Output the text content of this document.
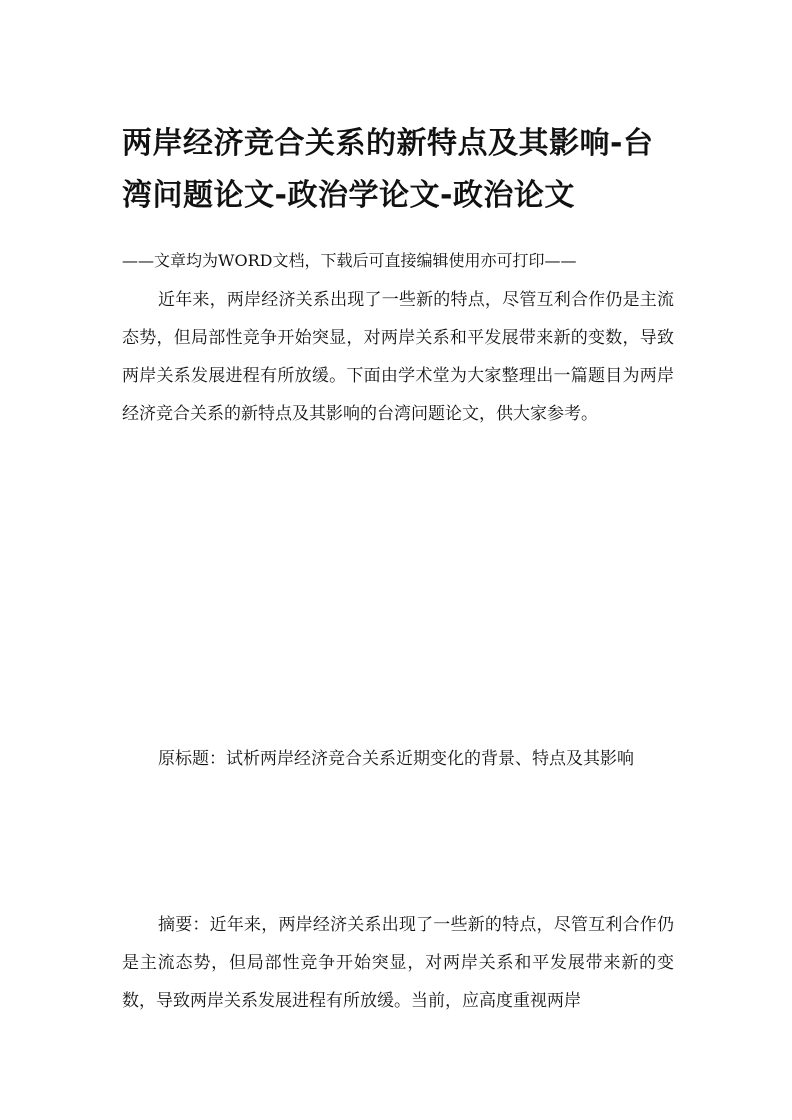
两岸经济竞合关系的新特点及其影响-台湾问题论文-政治学论文-政治论文

——文章均为WORD文档，下载后可直接编辑使用亦可打印——

近年来，两岸经济关系出现了一些新的特点，尽管互利合作仍是主流态势，但局部性竞争开始突显，对两岸关系和平发展带来新的变数，导致两岸关系发展进程有所放缓。下面由学术堂为大家整理出一篇题目为两岸经济竞合关系的新特点及其影响的台湾问题论文，供大家参考。

原标题：试析两岸经济竞合关系近期变化的背景、特点及其影响

摘要：近年来，两岸经济关系出现了一些新的特点，尽管互利合作仍是主流态势，但局部性竞争开始突显，对两岸关系和平发展带来新的变数，导致两岸关系发展进程有所放缓。当前，应高度重视两岸
